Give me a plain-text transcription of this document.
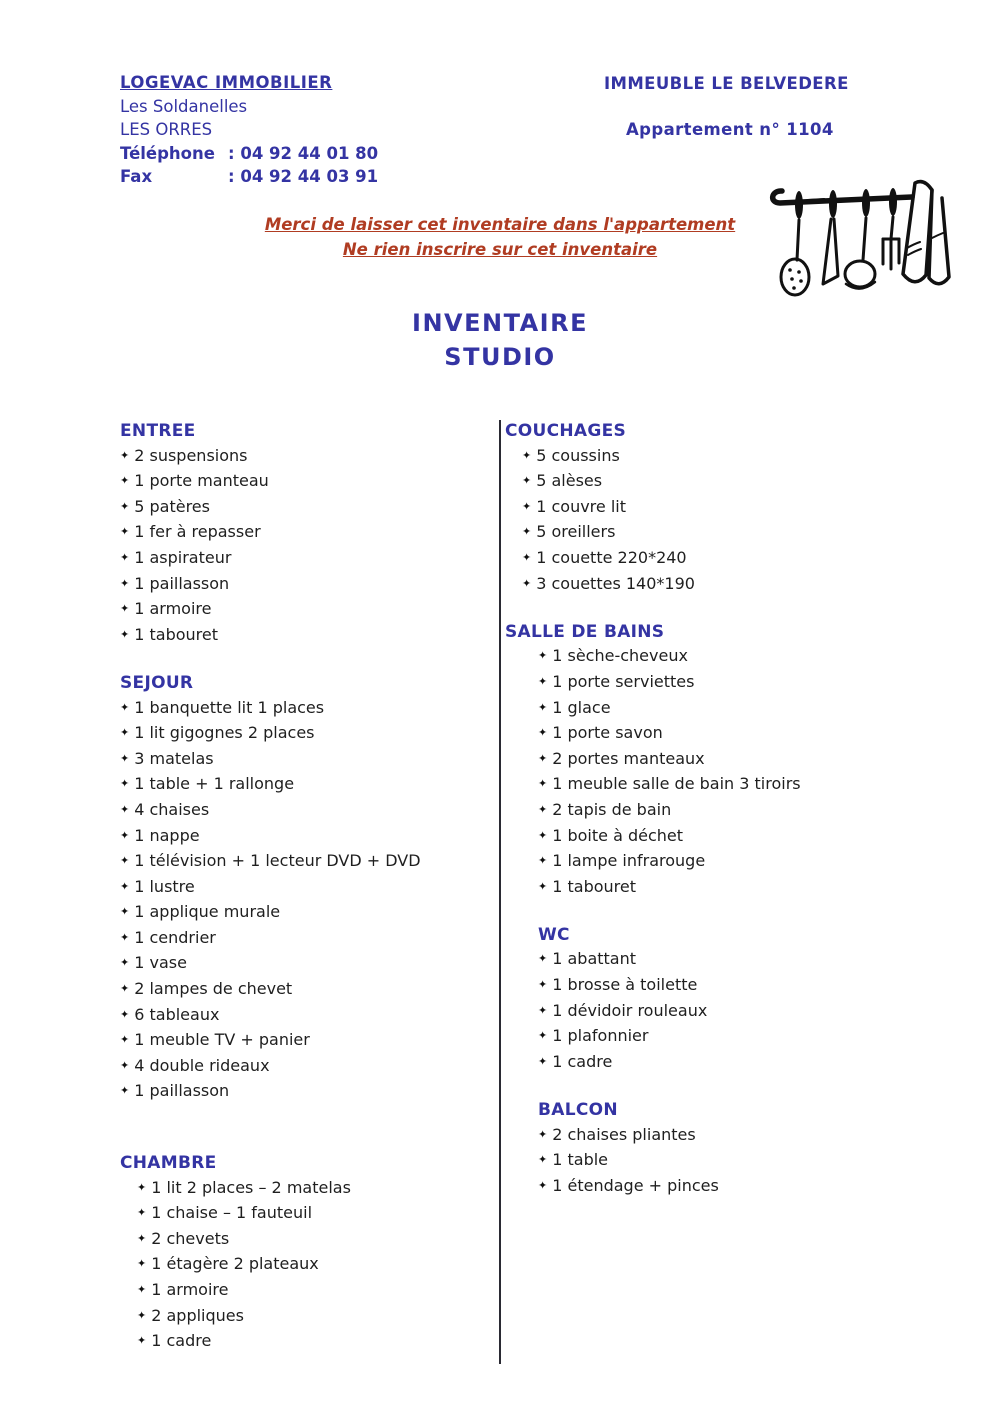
LOGEVAC IMMOBILIER
Les Soldanelles
LES ORRES
Téléphone : 04 92 44 01 80
Fax	: 04 92 44 03 91
IMMEUBLE LE BELVEDERE
Appartement n° 1104
Merci de laisser cet inventaire dans l'appartement
Ne rien inscrire sur cet inventaire
INVENTAIRE
STUDIO
ENTREE
✦ 2 suspensions
✦ 1 porte manteau
✦ 5 patères
✦ 1 fer à repasser
✦ 1 aspirateur
✦ 1 paillasson
✦ 1 armoire
✦ 1 tabouret
SEJOUR
✦ 1 banquette lit 1 places
✦ 1 lit gigognes 2 places
✦ 3 matelas
✦ 1 table + 1 rallonge
✦ 4 chaises
✦ 1 nappe
✦ 1 télévision + 1 lecteur DVD + DVD
✦ 1 lustre
✦ 1 applique murale
✦ 1 cendrier
✦ 1 vase
✦ 2 lampes de chevet
✦ 6 tableaux
✦ 1 meuble TV + panier
✦ 4 double rideaux
✦ 1 paillasson
CHAMBRE
✦ 1 lit 2 places – 2 matelas
✦ 1 chaise – 1 fauteuil
✦ 2 chevets
✦ 1 étagère 2 plateaux
✦ 1 armoire
✦ 2 appliques
✦ 1 cadre
COUCHAGES
✦ 5 coussins
✦ 5 alèses
✦ 1 couvre lit
✦ 5 oreillers
✦ 1 couette 220*240
✦ 3 couettes 140*190
SALLE DE BAINS
✦ 1 sèche-cheveux
✦ 1 porte serviettes
✦ 1 glace
✦ 1 porte savon
✦ 2 portes manteaux
✦ 1 meuble salle de bain 3 tiroirs
✦ 2 tapis de bain
✦ 1 boite à déchet
✦ 1 lampe infrarouge
✦ 1 tabouret
WC
✦ 1 abattant
✦ 1 brosse à toilette
✦ 1 dévidoir rouleaux
✦ 1 plafonnier
✦ 1 cadre
BALCON
✦ 2 chaises pliantes
✦ 1 table
✦ 1 étendage + pinces
